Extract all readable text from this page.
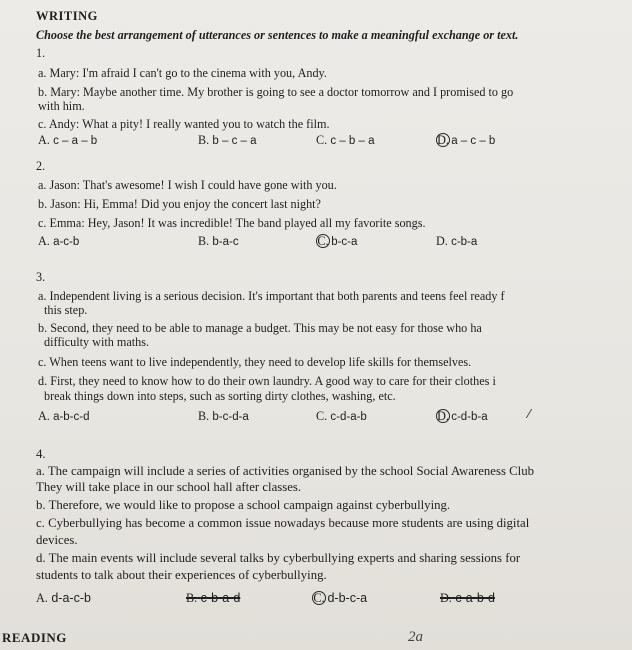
WRITING
Choose the best arrangement of utterances or sentences to make a meaningful exchange or text.
1.
a. Mary: I'm afraid I can't go to the cinema with you, Andy.
b. Mary: Maybe another time. My brother is going to see a doctor tomorrow and I promised to go
with him.
c. Andy: What a pity! I really wanted you to watch the film.
A. c – a – b	B. b – c – a	C. c – b – a	D. a – c – b
2.
a. Jason: That's awesome! I wish I could have gone with you.
b. Jason: Hi, Emma! Did you enjoy the concert last night?
c. Emma: Hey, Jason! It was incredible! The band played all my favorite songs.
A. a-c-b	B. b-a-c	C. b-c-a	D. c-b-a
3.
a. Independent living is a serious decision. It's important that both parents and teens feel ready f
this step.
b. Second, they need to be able to manage a budget. This may be not easy for those who ha
difficulty with maths.
c. When teens want to live independently, they need to develop life skills for themselves.
d. First, they need to know how to do their own laundry. A good way to care for their clothes i
break things down into steps, such as sorting dirty clothes, washing, etc.
A. a-b-c-d	B. b-c-d-a	C. c-d-a-b	D. c-d-b-a	⁄
4.
a. The campaign will include a series of activities organised by the school Social Awareness Club
They will take place in our school hall after classes.
b. Therefore, we would like to propose a school campaign against cyberbullying.
c. Cyberbullying has become a common issue nowadays because more students are using digital
devices.
d. The main events will include several talks by cyberbullying experts and sharing sessions for
students to talk about their experiences of cyberbullying.
A. d-a-c-b	B. c-b-a-d	C. d-b-c-a	D. c-a-b-d
READING	2a
